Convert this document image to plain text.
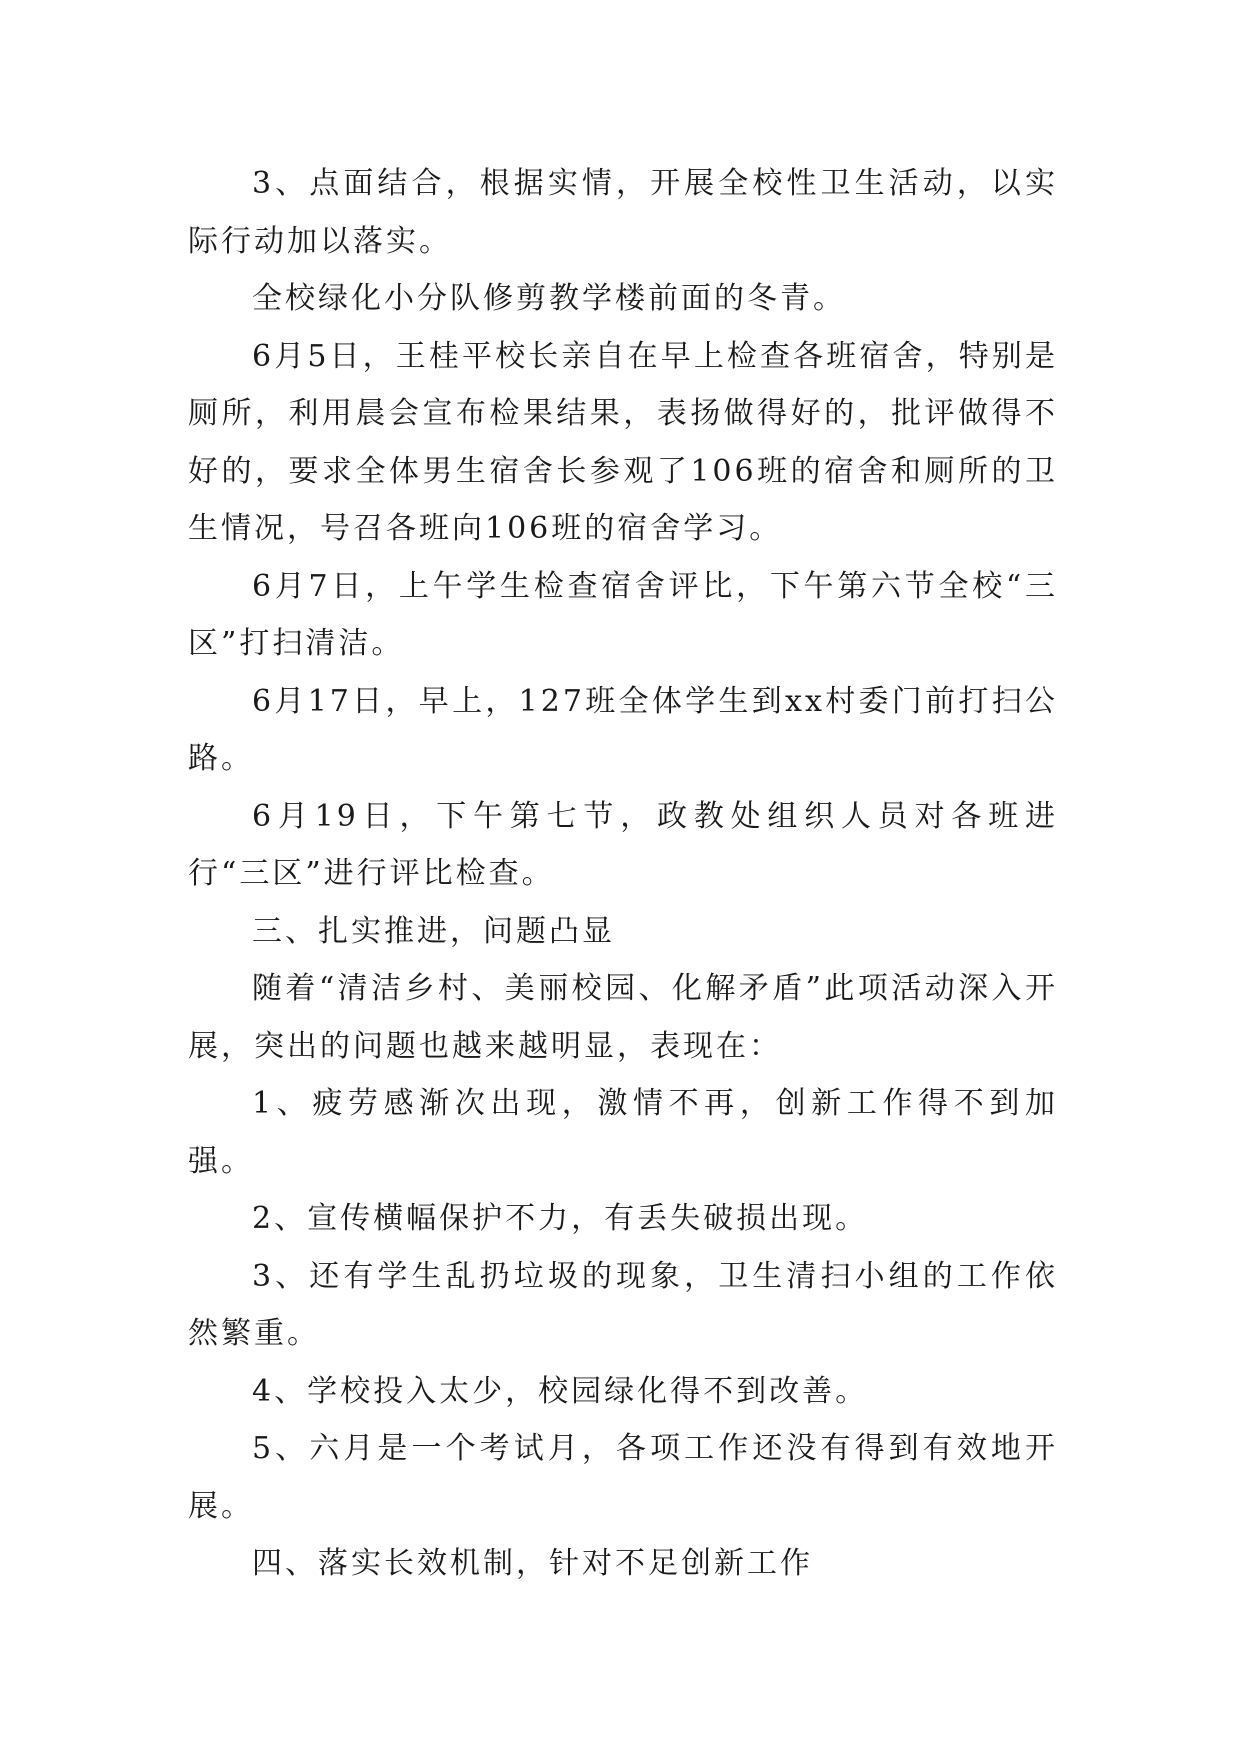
3、点面结合，根据实情，开展全校性卫生活动，以实际行动加以落实。

全校绿化小分队修剪教学楼前面的冬青。

6月5日，王桂平校长亲自在早上检查各班宿舍，特别是厕所，利用晨会宣布检果结果，表扬做得好的，批评做得不好的，要求全体男生宿舍长参观了106班的宿舍和厕所的卫生情况，号召各班向106班的宿舍学习。

6月7日，上午学生检查宿舍评比，下午第六节全校“三区”打扫清洁。

6月17日，早上，127班全体学生到xx村委门前打扫公路。

6月19日，下午第七节，政教处组织人员对各班进行“三区”进行评比检查。

三、扎实推进，问题凸显

随着“清洁乡村、美丽校园、化解矛盾”此项活动深入开展，突出的问题也越来越明显，表现在：

1、疲劳感渐次出现，激情不再，创新工作得不到加强。

2、宣传横幅保护不力，有丢失破损出现。

3、还有学生乱扔垃圾的现象，卫生清扫小组的工作依然繁重。

4、学校投入太少，校园绿化得不到改善。

5、六月是一个考试月，各项工作还没有得到有效地开展。

四、落实长效机制，针对不足创新工作
